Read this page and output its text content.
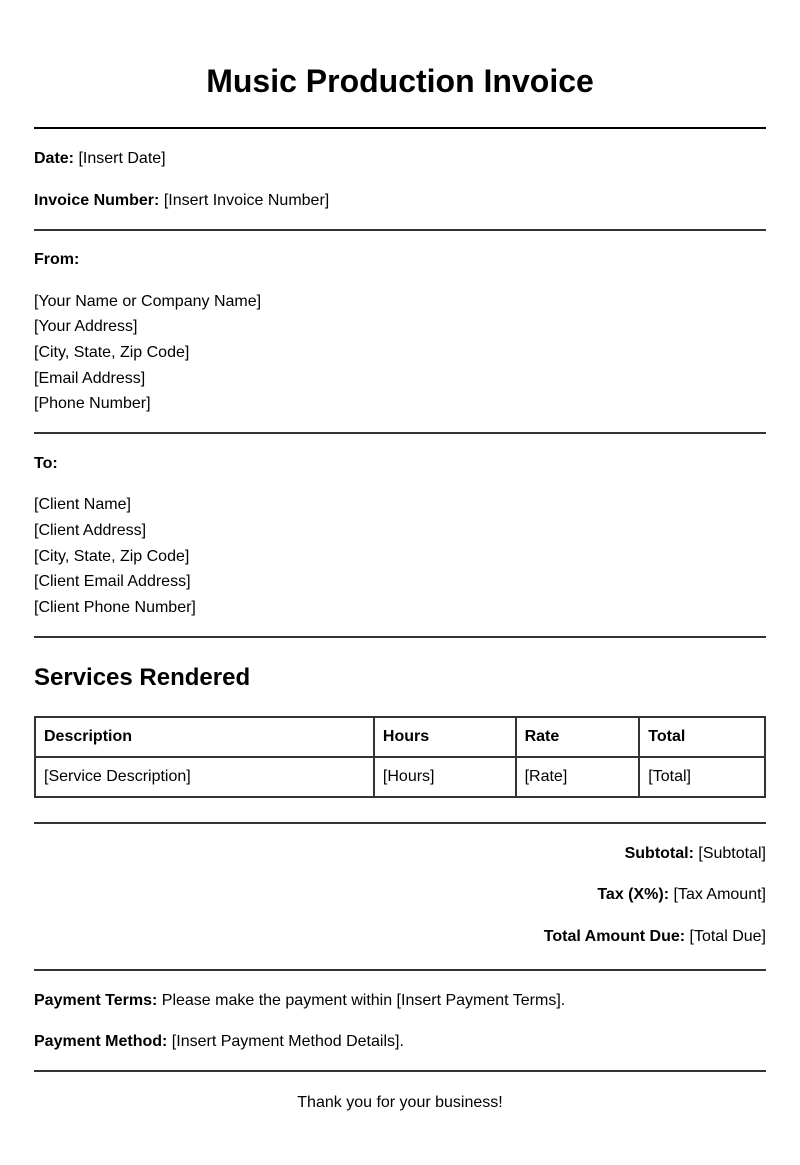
Music Production Invoice
Date: [Insert Date]
Invoice Number: [Insert Invoice Number]
From:
[Your Name or Company Name]
[Your Address]
[City, State, Zip Code]
[Email Address]
[Phone Number]
To:
[Client Name]
[Client Address]
[City, State, Zip Code]
[Client Email Address]
[Client Phone Number]
Services Rendered
Description	Hours	Rate	Total
[Service Description]	[Hours]	[Rate]	[Total]
Subtotal: [Subtotal]
Tax (X%): [Tax Amount]
Total Amount Due: [Total Due]
Payment Terms: Please make the payment within [Insert Payment Terms].
Payment Method: [Insert Payment Method Details].
Thank you for your business!
